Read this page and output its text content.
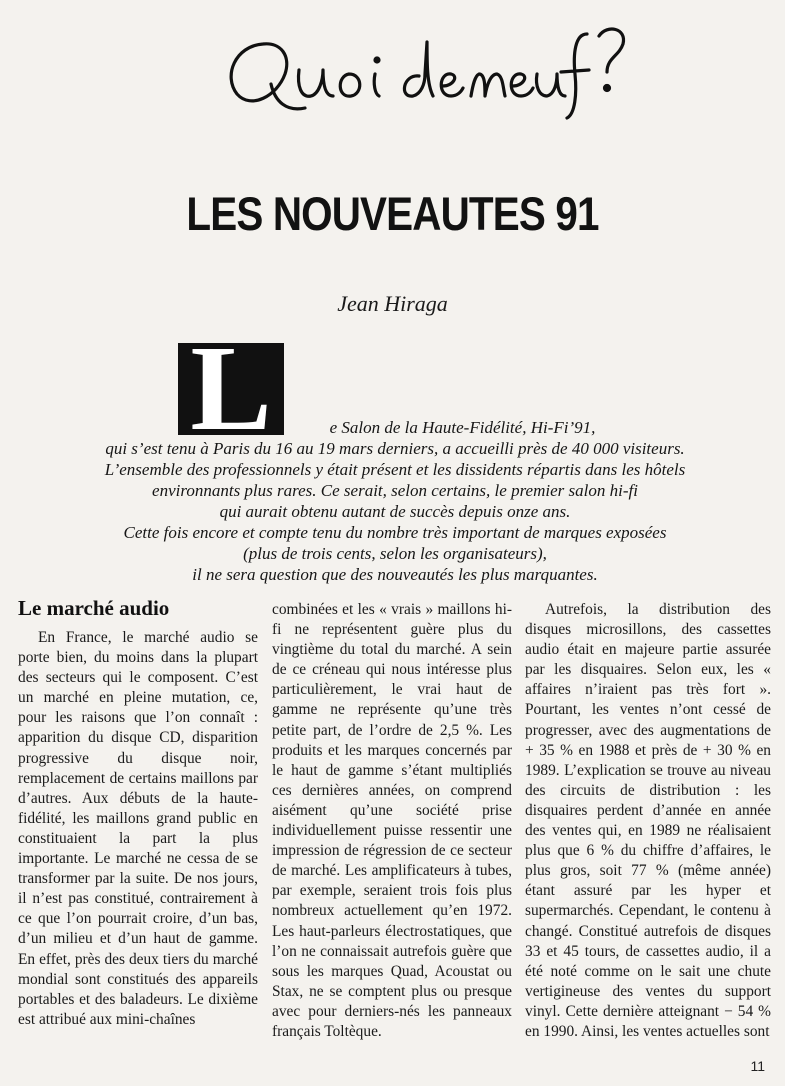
LES NOUVEAUTES 91
Jean Hiraga
L	e Salon de la Haute-Fidélité, Hi-Fi’91,
qui s’est tenu à Paris du 16 au 19 mars derniers, a accueilli près de 40 000 visiteurs.
L’ensemble des professionnels y était présent et les dissidents répartis dans les hôtels
environnants plus rares. Ce serait, selon certains, le premier salon hi-fi
qui aurait obtenu autant de succès depuis onze ans.
Cette fois encore et compte tenu du nombre très important de marques exposées
(plus de trois cents, selon les organisateurs),
il ne sera question que des nouveautés les plus marquantes.
Le marché audio

En France, le marché audio se porte bien, du moins dans la plupart des secteurs qui le composent. C’est un marché en pleine mutation, ce, pour les raisons que l’on connaît : apparition du disque CD, disparition progressive du disque noir, remplacement de certains maillons par d’autres. Aux débuts de la haute-fidélité, les maillons grand public en constituaient la part la plus importante. Le marché ne cessa de se transformer par la suite. De nos jours, il n’est pas constitué, contrairement à ce que l’on pourrait croire, d’un bas, d’un milieu et d’un haut de gamme. En effet, près des deux tiers du marché mondial sont constitués des appareils portables et des baladeurs. Le dixième est attribué aux mini-chaînes

combinées et les « vrais » maillons hi-fi ne représentent guère plus du vingtième du total du marché. A sein de ce créneau qui nous intéresse plus particulièrement, le vrai haut de gamme ne représente qu’une très petite part, de l’ordre de 2,5 %. Les produits et les marques concernés par le haut de gamme s’étant multipliés ces dernières années, on comprend aisément qu’une société prise individuellement puisse ressentir une impression de régression de ce secteur de marché. Les amplificateurs à tubes, par exemple, seraient trois fois plus nombreux actuellement qu’en 1972. Les haut-parleurs électrostatiques, que l’on ne connaissait autrefois guère que sous les marques Quad, Acoustat ou Stax, ne se comptent plus ou presque avec pour derniers-nés les panneaux français Toltèque.

Autrefois, la distribution des disques microsillons, des cassettes audio était en majeure partie assurée par les disquaires. Selon eux, les « affaires n’iraient pas très fort ». Pourtant, les ventes n’ont cessé de progresser, avec des augmentations de + 35 % en 1988 et près de + 30 % en 1989. L’explication se trouve au niveau des circuits de distribution : les disquaires perdent d’année en année des ventes qui, en 1989 ne réalisaient plus que 6 % du chiffre d’affaires, le plus gros, soit 77 % (même année) étant assuré par les hyper et supermarchés. Cependant, le contenu à changé. Constitué autrefois de disques 33 et 45 tours, de cassettes audio, il a été noté comme on le sait une chute vertigineuse des ventes du support vinyl. Cette dernière atteignant − 54 % en 1990. Ainsi, les ventes actuelles sont

11
